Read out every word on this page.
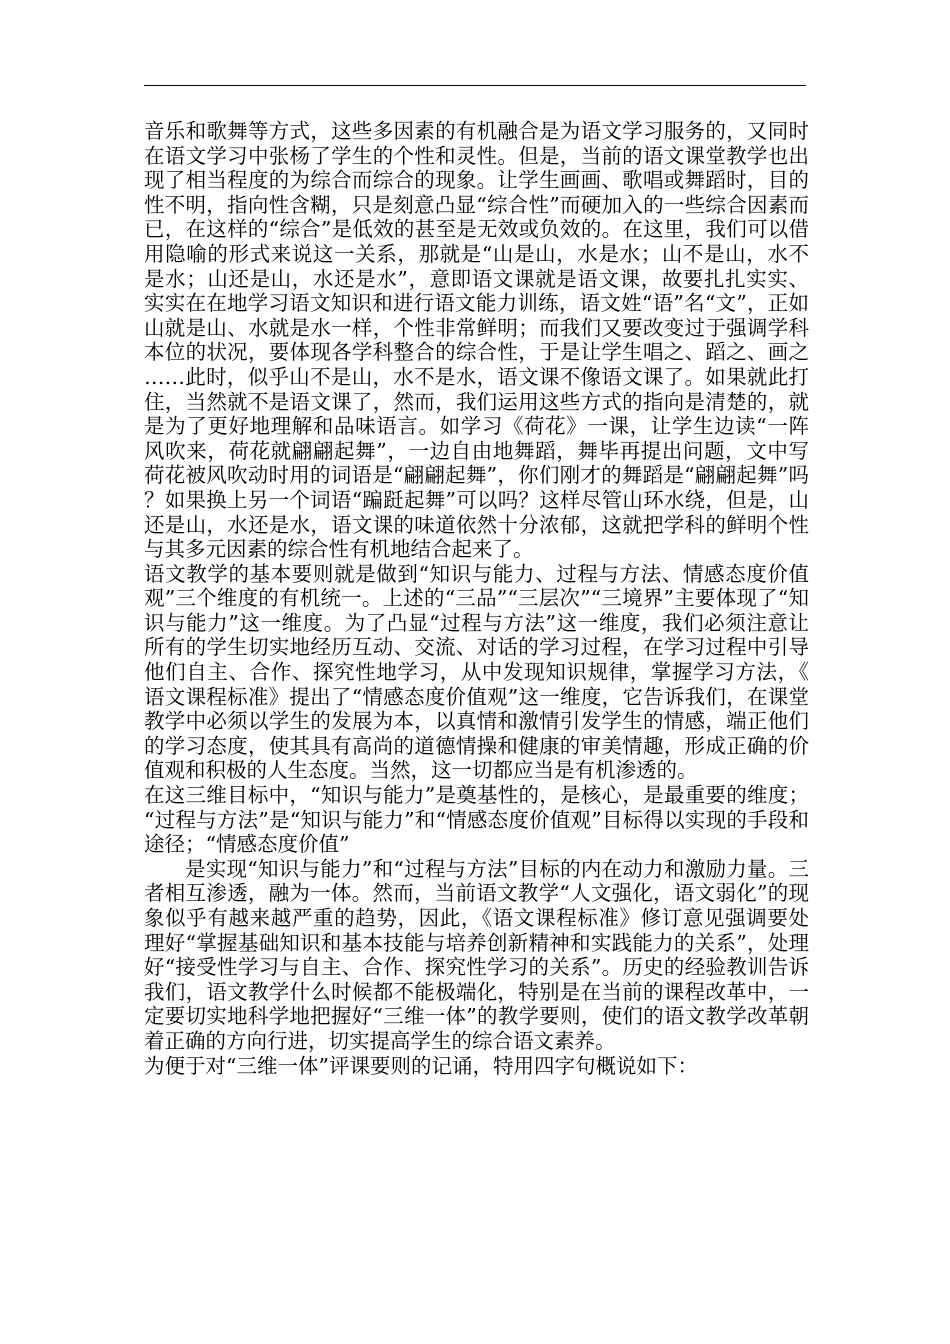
音乐和歌舞等方式，这些多因素的有机融合是为语文学习服务的，又同时在语文学习中张杨了学生的个性和灵性。但是，当前的语文课堂教学也出现了相当程度的为综合而综合的现象。让学生画画、歌唱或舞蹈时，目的性不明，指向性含糊，只是刻意凸显“综合性”而硬加入的一些综合因素而已，在这样的“综合”是低效的甚至是无效或负效的。在这里，我们可以借用隐喻的形式来说这一关系，那就是“山是山，水是水；山不是山，水不是水；山还是山，水还是水”，意即语文课就是语文课，故要扎扎实实、实实在在地学习语文知识和进行语文能力训练，语文姓“语”名“文”，正如山就是山、水就是水一样，个性非常鲜明；而我们又要改变过于强调学科本位的状况，要体现各学科整合的综合性，于是让学生唱之、蹈之、画之……此时，似乎山不是山，水不是水，语文课不像语文课了。如果就此打住，当然就不是语文课了，然而，我们运用这些方式的指向是清楚的，就是为了更好地理解和品味语言。如学习《荷花》一课，让学生边读“一阵风吹来，荷花就翩翩起舞”，一边自由地舞蹈，舞毕再提出问题，文中写荷花被风吹动时用的词语是“翩翩起舞”，你们刚才的舞蹈是“翩翩起舞”吗？如果换上另一个词语“蹁跹起舞”可以吗？这样尽管山环水绕，但是，山还是山，水还是水，语文课的味道依然十分浓郁，这就把学科的鲜明个性与其多元因素的综合性有机地结合起来了。

语文教学的基本要则就是做到“知识与能力、过程与方法、情感态度价值观”三个维度的有机统一。上述的“三品”“三层次”“三境界”主要体现了“知识与能力”这一维度。为了凸显“过程与方法”这一维度，我们必须注意让所有的学生切实地经历互动、交流、对话的学习过程，在学习过程中引导他们自主、合作、探究性地学习，从中发现知识规律，掌握学习方法，《语文课程标准》提出了“情感态度价值观”这一维度，它告诉我们，在课堂教学中必须以学生的发展为本，以真情和激情引发学生的情感，端正他们的学习态度，使其具有高尚的道德情操和健康的审美情趣，形成正确的价值观和积极的人生态度。当然，这一切都应当是有机渗透的。

在这三维目标中，“知识与能力”是奠基性的，是核心，是最重要的维度；“过程与方法”是“知识与能力”和“情感态度价值观”目标得以实现的手段和途径；“情感态度价值”

是实现“知识与能力”和“过程与方法”目标的内在动力和激励力量。三者相互渗透，融为一体。然而，当前语文教学“人文强化，语文弱化”的现象似乎有越来越严重的趋势，因此，《语文课程标准》修订意见强调要处理好“掌握基础知识和基本技能与培养创新精神和实践能力的关系”，处理好“接受性学习与自主、合作、探究性学习的关系”。历史的经验教训告诉我们，语文教学什么时候都不能极端化，特别是在当前的课程改革中，一定要切实地科学地把握好“三维一体”的教学要则，使们的语文教学改革朝着正确的方向行进，切实提高学生的综合语文素养。

为便于对“三维一体”评课要则的记诵，特用四字句概说如下：
